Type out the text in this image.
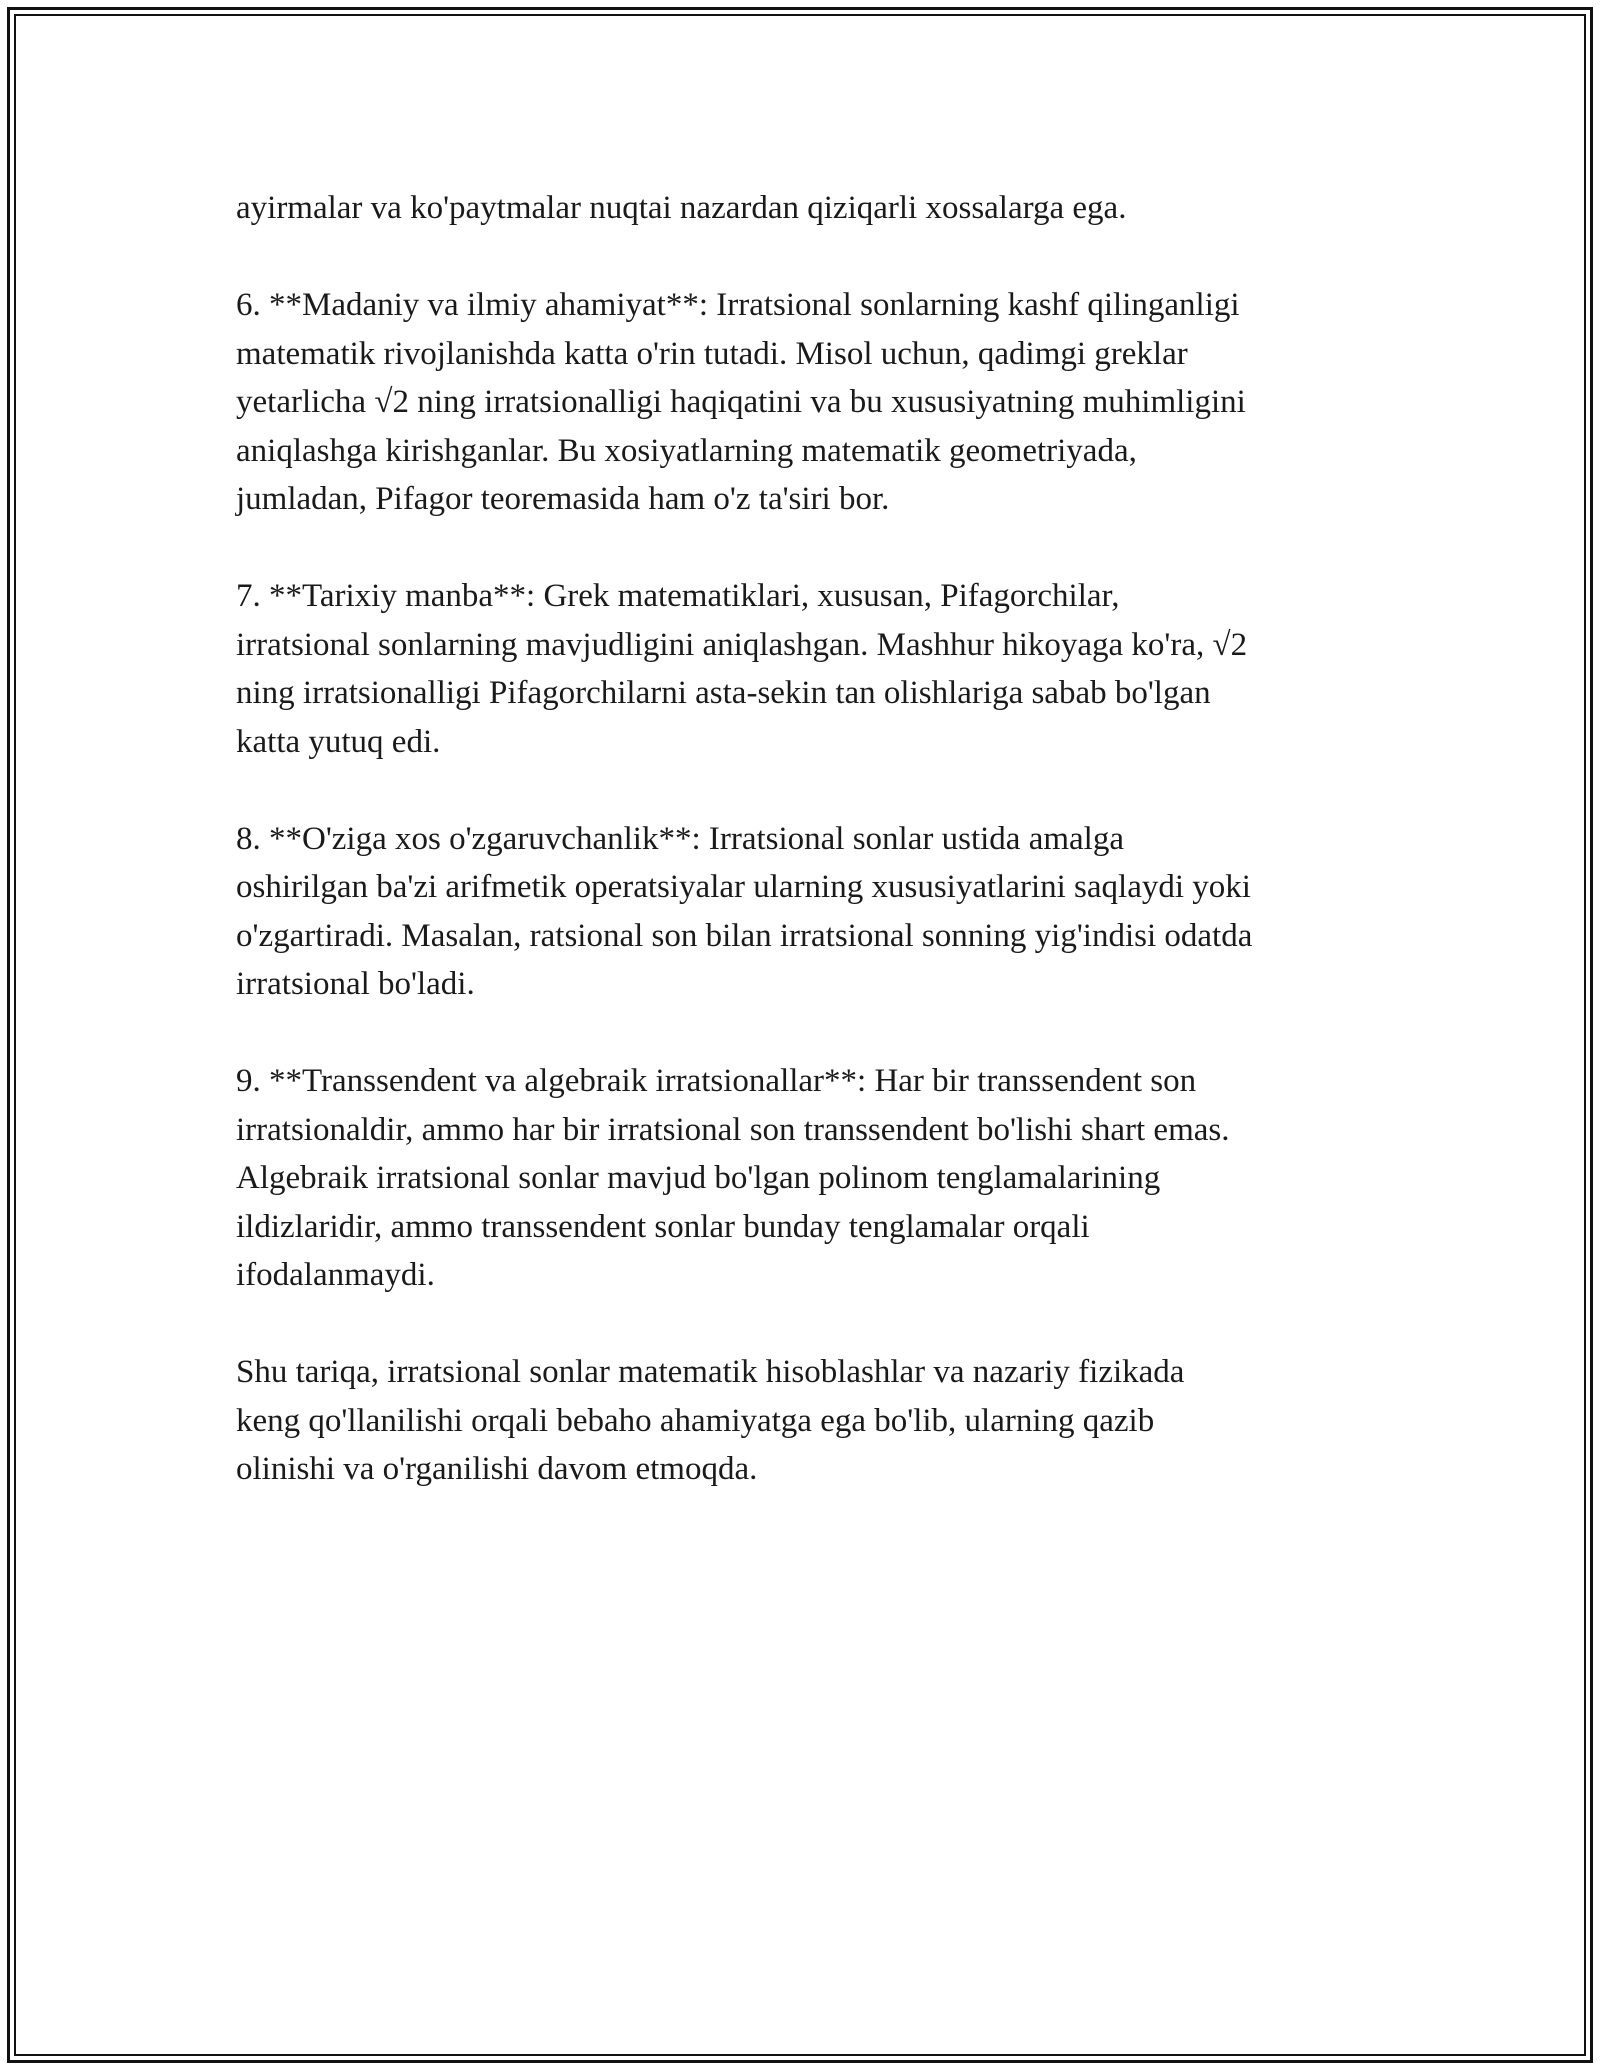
ayirmalar va ko'paytmalar nuqtai nazardan qiziqarli xossalarga ega.

6. **Madaniy va ilmiy ahamiyat**: Irratsional sonlarning kashf qilinganligi
matematik rivojlanishda katta o'rin tutadi. Misol uchun, qadimgi greklar
yetarlicha √2 ning irratsionalligi haqiqatini va bu xususiyatning muhimligini
aniqlashga kirishganlar. Bu xosiyatlarning matematik geometriyada,
jumladan, Pifagor teoremasida ham o'z ta'siri bor.

7. **Tarixiy manba**: Grek matematiklari, xususan, Pifagorchilar,
irratsional sonlarning mavjudligini aniqlashgan. Mashhur hikoyaga ko'ra, √2
ning irratsionalligi Pifagorchilarni asta-sekin tan olishlariga sabab bo'lgan
katta yutuq edi.

8. **O'ziga xos o'zgaruvchanlik**: Irratsional sonlar ustida amalga
oshirilgan ba'zi arifmetik operatsiyalar ularning xususiyatlarini saqlaydi yoki
o'zgartiradi. Masalan, ratsional son bilan irratsional sonning yig'indisi odatda
irratsional bo'ladi.

9. **Transsendent va algebraik irratsionallar**: Har bir transsendent son
irratsionaldir, ammo har bir irratsional son transsendent bo'lishi shart emas.
Algebraik irratsional sonlar mavjud bo'lgan polinom tenglamalarining
ildizlaridir, ammo transsendent sonlar bunday tenglamalar orqali
ifodalanmaydi.

Shu tariqa, irratsional sonlar matematik hisoblashlar va nazariy fizikada
keng qo'llanilishi orqali bebaho ahamiyatga ega bo'lib, ularning qazib
olinishi va o'rganilishi davom etmoqda.
